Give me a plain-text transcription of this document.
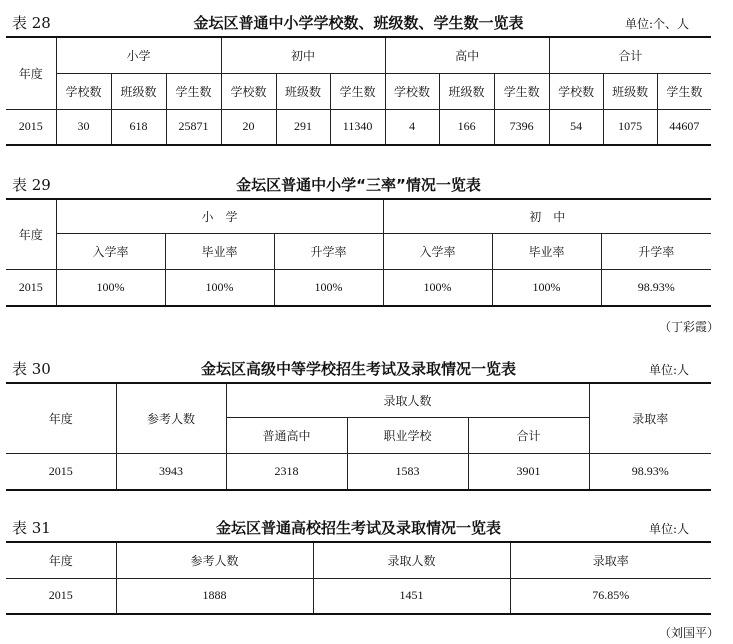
表 28	金坛区普通中小学学校数、班级数、学生数一览表	单位:个、人
年度	小学			初中			高中			合计		
	学校数	班级数	学生数	学校数	班级数	学生数	学校数	班级数	学生数	学校数	班级数	学生数
2015	30	618	25871	20	291	11340	4	166	7396	54	1075	44607
表 29	金坛区普通中小学“三率”情况一览表
年度	小　学			初　中		
	入学率	毕业率	升学率	入学率	毕业率	升学率
2015	100%	100%	100%	100%	100%	98.93%
（丁彩霞）
表 30	金坛区高级中等学校招生考试及录取情况一览表	单位:人
年度	参考人数	录取人数			录取率
		普通高中	职业学校	合计	
2015	3943	2318	1583	3901	98.93%
表 31	金坛区普通高校招生考试及录取情况一览表	单位:人
年度	参考人数	录取人数	录取率
2015	1888	1451	76.85%
（刘国平）
